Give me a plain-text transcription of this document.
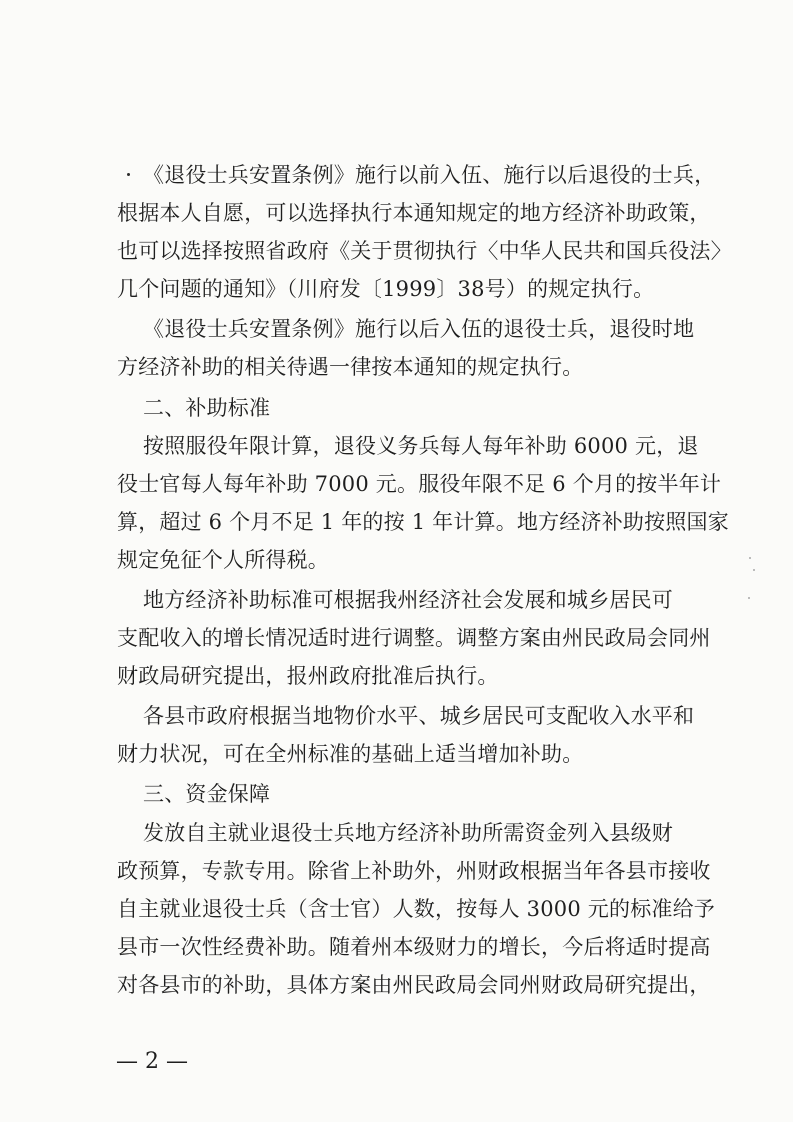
《退役士兵安置条例》施行以前入伍、施行以后退役的士兵，

根据本人自愿，可以选择执行本通知规定的地方经济补助政策，

也可以选择按照省政府《关于贯彻执行〈中华人民共和国兵役法〉

几个问题的通知》（川府发〔1999〕38号）的规定执行。

《退役士兵安置条例》施行以后入伍的退役士兵，退役时地

方经济补助的相关待遇一律按本通知的规定执行。

二、补助标准

按照服役年限计算，退役义务兵每人每年补助 6000 元，退

役士官每人每年补助 7000 元。服役年限不足 6 个月的按半年计

算，超过 6 个月不足 1 年的按 1 年计算。地方经济补助按照国家

规定免征个人所得税。

地方经济补助标准可根据我州经济社会发展和城乡居民可

支配收入的增长情况适时进行调整。调整方案由州民政局会同州

财政局研究提出，报州政府批准后执行。

各县市政府根据当地物价水平、城乡居民可支配收入水平和

财力状况，可在全州标准的基础上适当增加补助。

三、资金保障

发放自主就业退役士兵地方经济补助所需资金列入县级财

政预算，专款专用。除省上补助外，州财政根据当年各县市接收

自主就业退役士兵（含士官）人数，按每人 3000 元的标准给予

县市一次性经费补助。随着州本级财力的增长，今后将适时提高

对各县市的补助，具体方案由州民政局会同州财政局研究提出，

— 2 —
